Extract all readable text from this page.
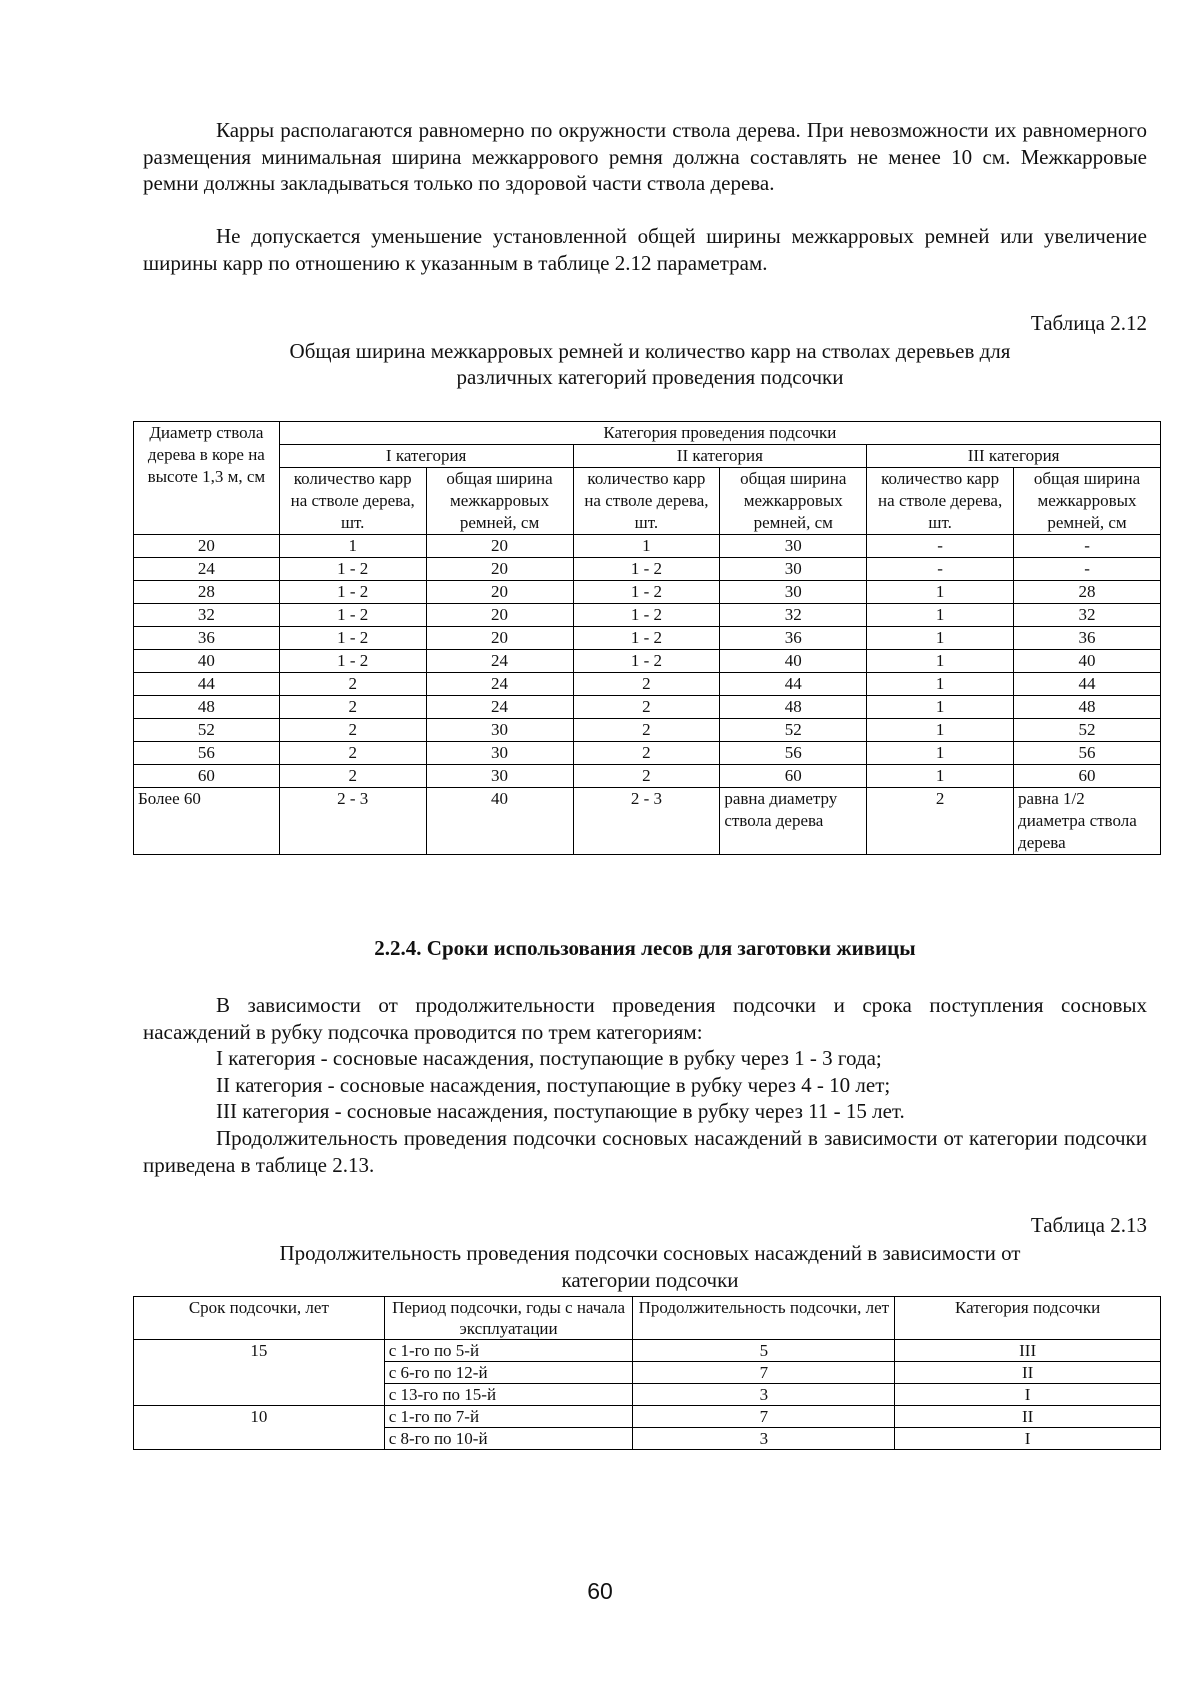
Карры располагаются равномерно по окружности ствола дерева. При невозможности их равномерного размещения минимальная ширина межкаррового ремня должна составлять не менее 10 см. Межкарровые ремни должны закладываться только по здоровой части ствола дерева.

Не допускается уменьшение установленной общей ширины межкарровых ремней или увеличение ширины карр по отношению к указанным в таблице 2.12 параметрам.

Таблица 2.12

Общая ширина межкарровых ремней и количество карр на стволах деревьев для

различных категорий проведения подсочки

Диаметр ствола дерева в коре на высоте 1,3 м, см	Категория проведения подсочки					
	I категория		II категория		III категория	
	количество карр на стволе дерева, шт.	общая ширина межкарровых ремней, см	количество карр на стволе дерева, шт.	общая ширина межкарровых ремней, см	количество карр на стволе дерева, шт.	общая ширина межкарровых ремней, см
20	1	20	1	30	-	-
24	1 - 2	20	1 - 2	30	-	-
28	1 - 2	20	1 - 2	30	1	28
32	1 - 2	20	1 - 2	32	1	32
36	1 - 2	20	1 - 2	36	1	36
40	1 - 2	24	1 - 2	40	1	40
44	2	24	2	44	1	44
48	2	24	2	48	1	48
52	2	30	2	52	1	52
56	2	30	2	56	1	56
60	2	30	2	60	1	60
Более 60	2 - 3	40	2 - 3	равна диаметру ствола дерева	2	равна 1/2 диаметра ствола дерева

2.2.4. Сроки использования лесов для заготовки живицы

В зависимости от продолжительности проведения подсочки и срока поступления сосновых насаждений в рубку подсочка проводится по трем категориям:

I категория - сосновые насаждения, поступающие в рубку через 1 - 3 года;

II категория - сосновые насаждения, поступающие в рубку через 4 - 10 лет;

III категория - сосновые насаждения, поступающие в рубку через 11 - 15 лет.

Продолжительность проведения подсочки сосновых насаждений в зависимости от категории подсочки приведена в таблице 2.13.

Таблица 2.13

Продолжительность проведения подсочки сосновых насаждений в зависимости от

категории подсочки

Срок подсочки, лет	Период подсочки, годы с начала эксплуатации	Продолжительность подсочки, лет	Категория подсочки
15	с 1-го по 5-й	5	III
	с 6-го по 12-й	7	II
	с 13-го по 15-й	3	I
10	с 1-го по 7-й	7	II
	с 8-го по 10-й	3	I
60
